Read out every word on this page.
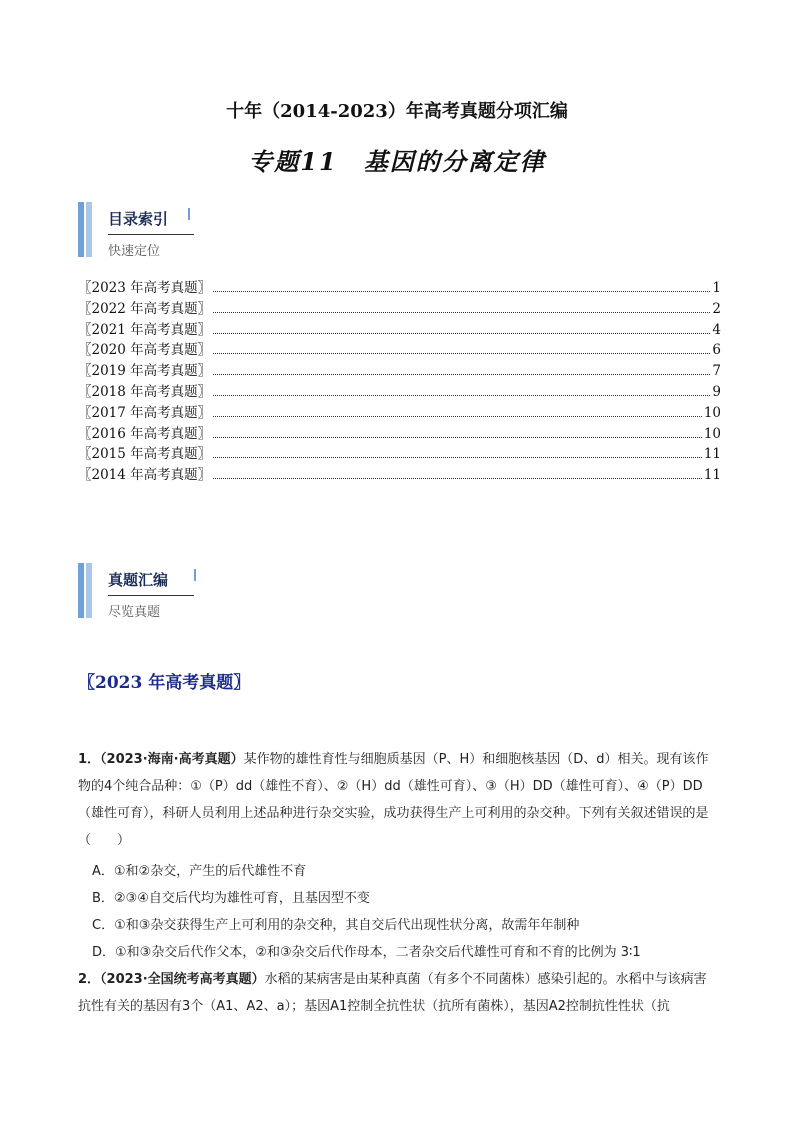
十年（2014-2023）年高考真题分项汇编
专题11　基因的分离定律
目录索引
快速定位
〖2023 年高考真题〗	1
〖2022 年高考真题〗	2
〖2021 年高考真题〗	4
〖2020 年高考真题〗	6
〖2019 年高考真题〗	7
〖2018 年高考真题〗	9
〖2017 年高考真题〗	10
〖2016 年高考真题〗	10
〖2015 年高考真题〗	11
〖2014 年高考真题〗	11
真题汇编
尽览真题
〖2023 年高考真题〗
1．（2023·海南·高考真题）某作物的雄性育性与细胞质基因（P、H）和细胞核基因（D、d）相关。现有该作物的4个纯合品种：①（P）dd（雄性不育）、②（H）dd（雄性可育）、③（H）DD（雄性可育）、④（P）DD（雄性可育），科研人员利用上述品种进行杂交实验，成功获得生产上可利用的杂交种。下列有关叙述错误的是（　　）
A．①和②杂交，产生的后代雄性不育
B．②③④自交后代均为雄性可育，且基因型不变
C．①和③杂交获得生产上可利用的杂交种，其自交后代出现性状分离，故需年年制种
D．①和③杂交后代作父本，②和③杂交后代作母本，二者杂交后代雄性可育和不育的比例为 3∶1
2．（2023·全国统考高考真题）水稻的某病害是由某种真菌（有多个不同菌株）感染引起的。水稻中与该病害抗性有关的基因有3个（A1、A2、a）；基因A1控制全抗性状（抗所有菌株），基因A2控制抗性性状（抗
